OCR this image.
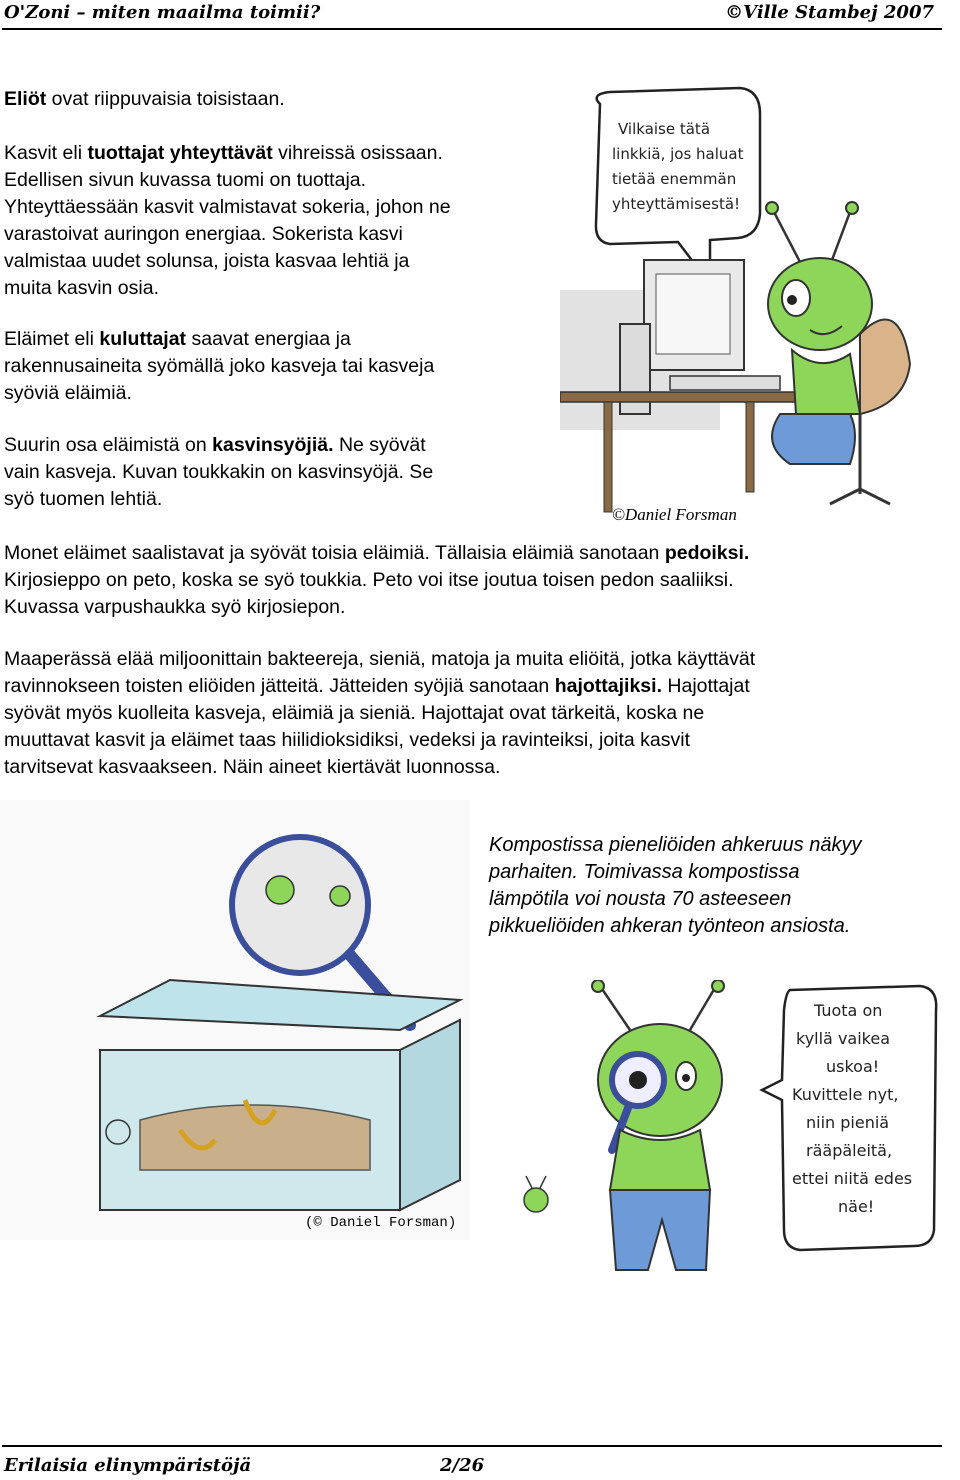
O'Zoni – miten maailma toimii?	©Ville Stambej 2007

Eliöt ovat riippuvaisia toisistaan.

Kasvit eli tuottajat yhteyttävät vihreissä osissaan.
Edellisen sivun kuvassa tuomi on tuottaja.
Yhteyttäessään kasvit valmistavat sokeria, johon ne
varastoivat auringon energiaa. Sokerista kasvi
valmistaa uudet solunsa, joista kasvaa lehtiä ja
muita kasvin osia.
Eläimet eli kuluttajat saavat energiaa ja
rakennusaineita syömällä joko kasveja tai kasveja
syöviä eläimiä.
Suurin osa eläimistä on kasvinsyöjiä. Ne syövät
vain kasveja. Kuvan toukkakin on kasvinsyöjä. Se
syö tuomen lehtiä.
Vilkaise tätä
linkkiä, jos haluat
tietää enemmän
yhteyttämisestä!
©Daniel Forsman
Monet eläimet saalistavat ja syövät toisia eläimiä. Tällaisia eläimiä sanotaan pedoiksi.
Kirjosieppo on peto, koska se syö toukkia. Peto voi itse joutua toisen pedon saaliiksi.
Kuvassa varpushaukka syö kirjosiepon.
Maaperässä elää miljoonittain bakteereja, sieniä, matoja ja muita eliöitä, jotka käyttävät
ravinnokseen toisten eliöiden jätteitä. Jätteiden syöjiä sanotaan hajottajiksi. Hajottajat
syövät myös kuolleita kasveja, eläimiä ja sieniä. Hajottajat ovat tärkeitä, koska ne
muuttavat kasvit ja eläimet taas hiilidioksidiksi, vedeksi ja ravinteiksi, joita kasvit
tarvitsevat kasvaakseen. Näin aineet kiertävät luonnossa.
Kompostissa pieneliöiden ahkeruus näkyy
parhaiten. Toimivassa kompostissa
lämpötila voi nousta 70 asteeseen
pikkueliöiden ahkeran työnteon ansiosta.
(© Daniel Forsman)
Tuota on
kyllä vaikea
uskoa!
Kuvittele nyt,
niin pieniä
rääpäleitä,
ettei niitä edes
näe!
Erilaisia elinympäristöjä	2/26
